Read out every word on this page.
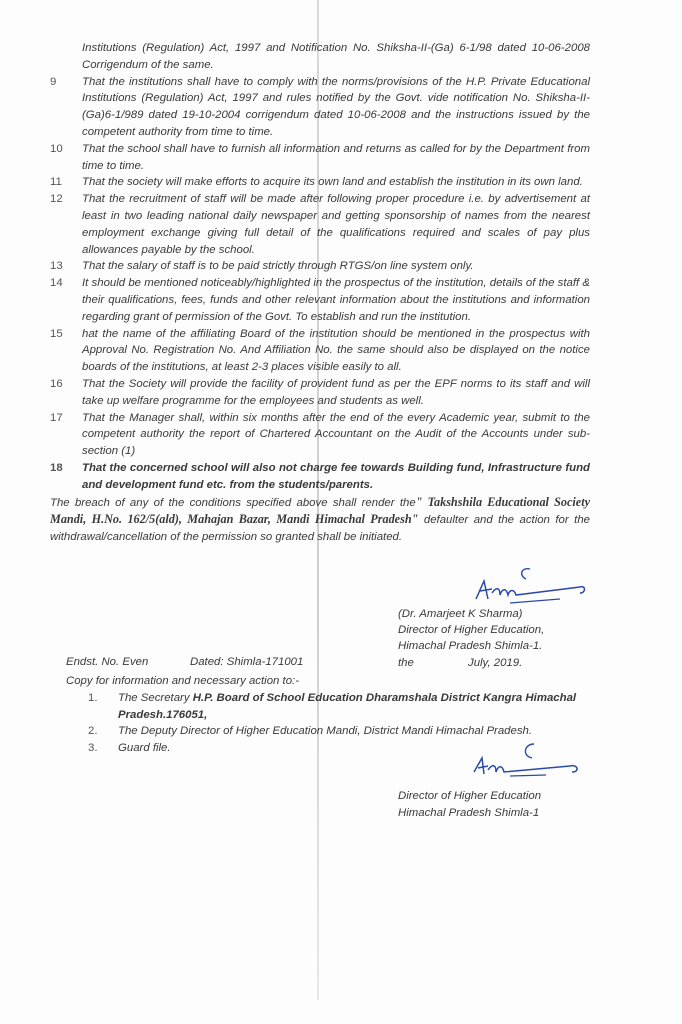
Institutions (Regulation) Act, 1997 and Notification No. Shiksha-II-(Ga) 6-1/98 dated 10-06-2008 Corrigendum of the same.
9 That the institutions shall have to comply with the norms/provisions of the H.P. Private Educational Institutions (Regulation) Act, 1997 and rules notified by the Govt. vide notification No. Shiksha-II-(Ga)6-1/989 dated 19-10-2004 corrigendum dated 10-06-2008 and the instructions issued by the competent authority from time to time.
10 That the school shall have to furnish all information and returns as called for by the Department from time to time.
11 That the society will make efforts to acquire its own land and establish the institution in its own land.
12 That the recruitment of staff will be made after following proper procedure i.e. by advertisement at least in two leading national daily newspaper and getting sponsorship of names from the nearest employment exchange giving full detail of the qualifications required and scales of pay plus allowances payable by the school.
13 That the salary of staff is to be paid strictly through RTGS/on line system only.
14 It should be mentioned noticeably/highlighted in the prospectus of the institution, details of the staff & their qualifications, fees, funds and other relevant information about the institutions and information regarding grant of permission of the Govt. To establish and run the institution.
15 hat the name of the affiliating Board of the institution should be mentioned in the prospectus with Approval No. Registration No. And Affiliation No. the same should also be displayed on the notice boards of the institutions, at least 2-3 places visible easily to all.
16 That the Society will provide the facility of provident fund as per the EPF norms to its staff and will take up welfare programme for the employees and students as well.
17 That the Manager shall, within six months after the end of the every Academic year, submit to the competent authority the report of Chartered Accountant on the Audit of the Accounts under sub-section (1)
18 That the concerned school will also not charge fee towards Building fund, Infrastructure fund and development fund etc. from the students/parents.

The breach of any of the conditions specified above shall render the" Takshshila Educational Society Mandi, H.No. 162/5(ald), Mahajan Bazar, Mandi Himachal Pradesh" defaulter and the action for the withdrawal/cancellation of the permission so granted shall be initiated.

(Dr. Amarjeet K Sharma)
Director of Higher Education,
Himachal Pradesh Shimla-1.
the	July, 2019.
Endst. No. Even	Dated: Shimla-171001
Copy for information and necessary action to:-
1. The Secretary H.P. Board of School Education Dharamshala District Kangra Himachal Pradesh.176051,
2. The Deputy Director of Higher Education Mandi, District Mandi Himachal Pradesh.
3. Guard file.
Director of Higher Education
Himachal Pradesh Shimla-1
